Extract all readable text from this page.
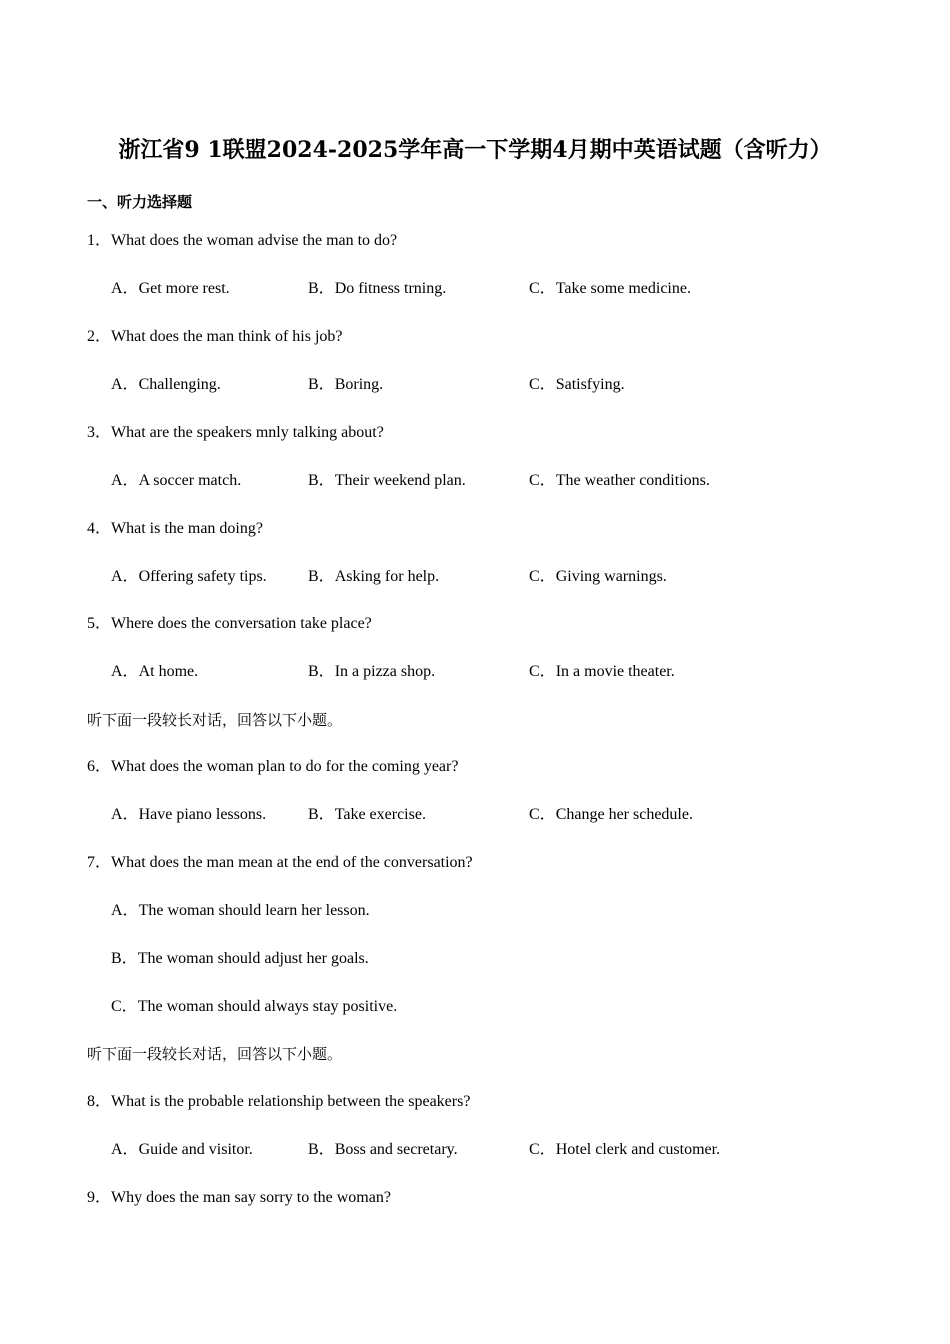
浙江省9 1联盟2024-2025学年高一下学期4月期中英语试题（含听力）
一、听力选择题
1．What does the woman advise the man to do?
A．Get more rest.	B．Do fitness trning.	C．Take some medicine.
2．What does the man think of his job?
A．Challenging.	B．Boring.	C．Satisfying.
3．What are the speakers mnly talking about?
A．A soccer match.	B．Their weekend plan.	C．The weather conditions.
4．What is the man doing?
A．Offering safety tips.	B．Asking for help.	C．Giving warnings.
5．Where does the conversation take place?
A．At home.	B．In a pizza shop.	C．In a movie theater.
听下面一段较长对话，回答以下小题。
6．What does the woman plan to do for the coming year?
A．Have piano lessons.	B．Take exercise.	C．Change her schedule.
7．What does the man mean at the end of the conversation?
A．The woman should learn her lesson.
B．The woman should adjust her goals.
C．The woman should always stay positive.
听下面一段较长对话，回答以下小题。
8．What is the probable relationship between the speakers?
A．Guide and visitor.	B．Boss and secretary.	C．Hotel clerk and customer.
9．Why does the man say sorry to the woman?
